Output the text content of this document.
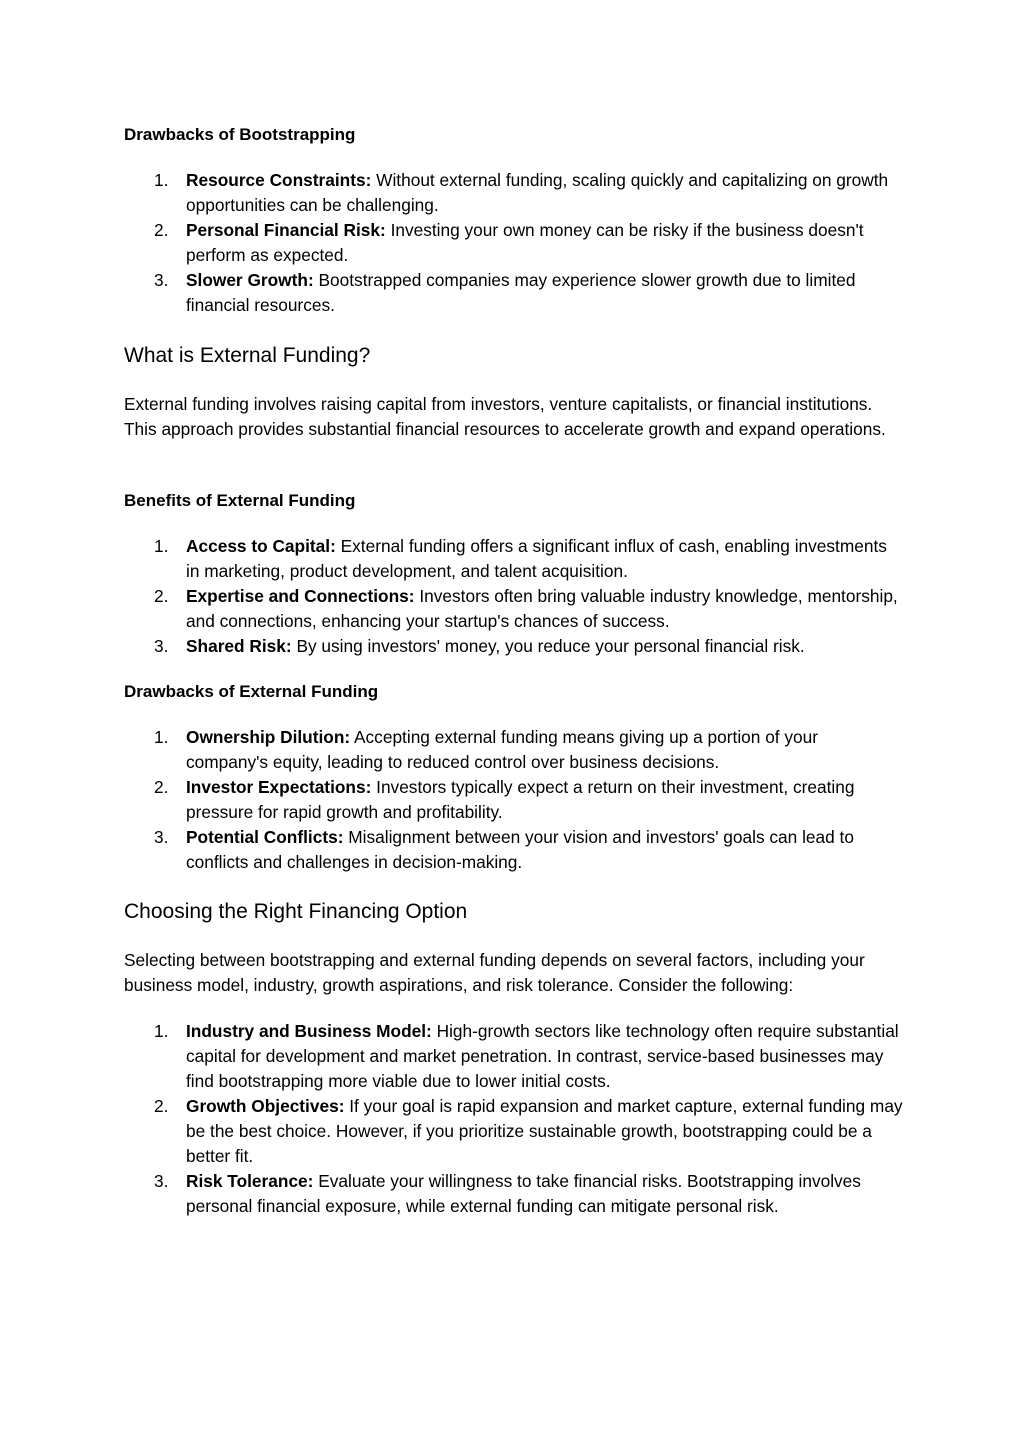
Drawbacks of Bootstrapping
1.	Resource Constraints: Without external funding, scaling quickly and capitalizing on growth opportunities can be challenging.
2.	Personal Financial Risk: Investing your own money can be risky if the business doesn't perform as expected.
3.	Slower Growth: Bootstrapped companies may experience slower growth due to limited financial resources.
What is External Funding?

External funding involves raising capital from investors, venture capitalists, or financial institutions. This approach provides substantial financial resources to accelerate growth and expand operations.

Benefits of External Funding
1.	Access to Capital: External funding offers a significant influx of cash, enabling investments in marketing, product development, and talent acquisition.
2.	Expertise and Connections: Investors often bring valuable industry knowledge, mentorship, and connections, enhancing your startup's chances of success.
3.	Shared Risk: By using investors' money, you reduce your personal financial risk.
Drawbacks of External Funding
1.	Ownership Dilution: Accepting external funding means giving up a portion of your company's equity, leading to reduced control over business decisions.
2.	Investor Expectations: Investors typically expect a return on their investment, creating pressure for rapid growth and profitability.
3.	Potential Conflicts: Misalignment between your vision and investors' goals can lead to conflicts and challenges in decision-making.
Choosing the Right Financing Option

Selecting between bootstrapping and external funding depends on several factors, including your business model, industry, growth aspirations, and risk tolerance. Consider the following:

1.	Industry and Business Model: High-growth sectors like technology often require substantial capital for development and market penetration. In contrast, service-based businesses may find bootstrapping more viable due to lower initial costs.
2.	Growth Objectives: If your goal is rapid expansion and market capture, external funding may be the best choice. However, if you prioritize sustainable growth, bootstrapping could be a better fit.
3.	Risk Tolerance: Evaluate your willingness to take financial risks. Bootstrapping involves personal financial exposure, while external funding can mitigate personal risk.
